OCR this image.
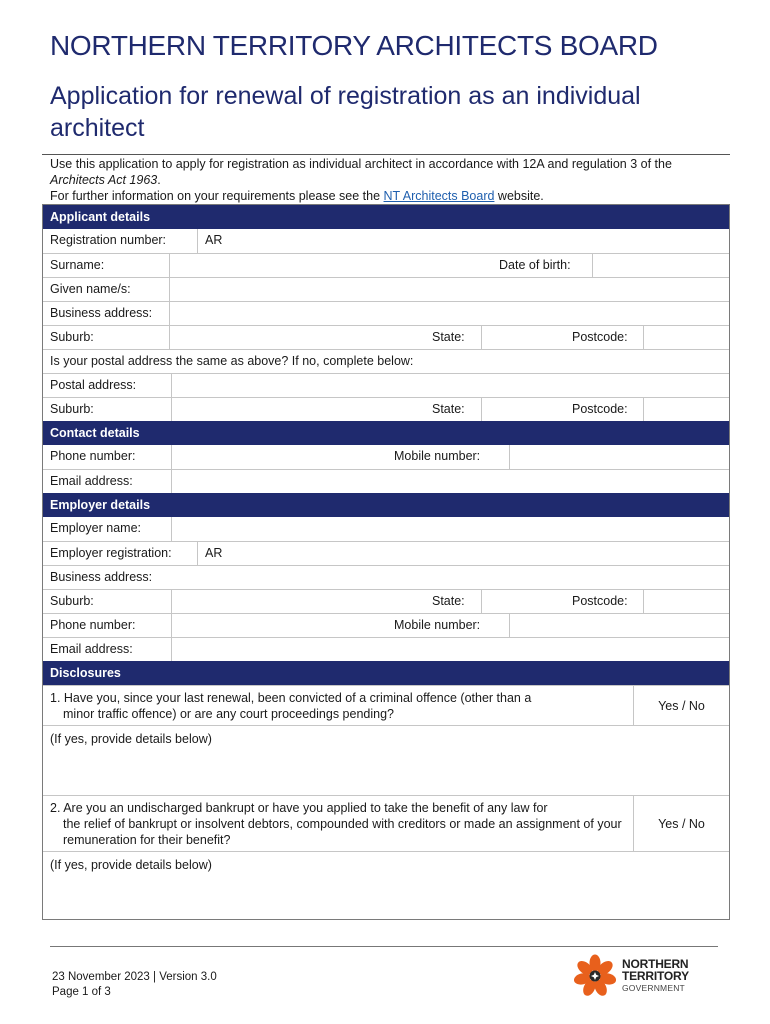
NORTHERN TERRITORY ARCHITECTS BOARD
Application for renewal of registration as an individual architect

Use this application to apply for registration as individual architect in accordance with 12A and regulation 3 of the Architects Act 1963.

For further information on your requirements please see the NT Architects Board website.

Applicant details
Registration number:	AR
Surname:	Date of birth:
Given name/s:
Business address:
Suburb:	State:	Postcode:
Is your postal address the same as above? If no, complete below:
Postal address:
Suburb:	State:	Postcode:
Contact details
Phone number:	Mobile number:
Email address:
Employer details
Employer name:
Employer registration:	AR
Business address:
Suburb:	State:	Postcode:
Phone number:	Mobile number:
Email address:
Disclosures
1. Have you, since your last renewal, been convicted of a criminal offence (other than a
minor traffic offence) or are any court proceedings pending?
Yes / No
(If yes, provide details below)
2. Are you an undischarged bankrupt or have you applied to take the benefit of any law for
the relief of bankrupt or insolvent debtors, compounded with creditors or made an assignment of your remuneration for their benefit?
Yes / No
(If yes, provide details below)
23 November 2023 | Version 3.0
Page 1 of 3
NORTHERN
TERRITORY
GOVERNMENT
